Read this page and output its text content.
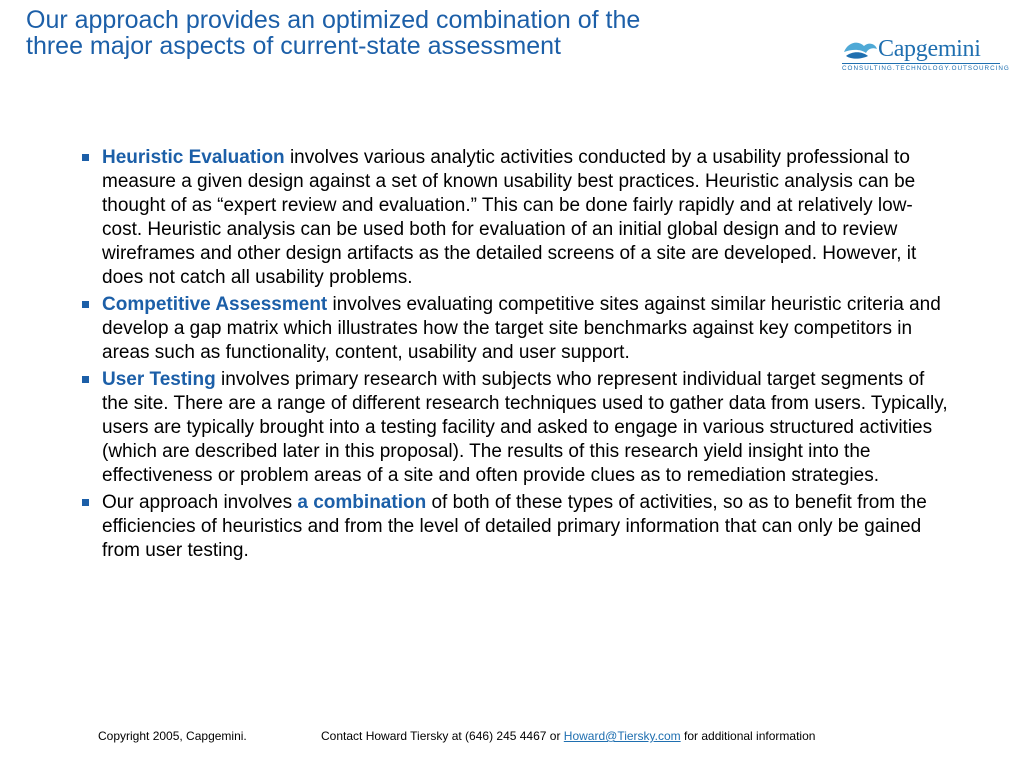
Our approach provides an optimized combination of the
three major aspects of current-state assessment	Capgemini
CONSULTING.TECHNOLOGY.OUTSOURCING
Heuristic Evaluation involves various analytic activities conducted by a usability professional to measure a given design against a set of known usability best practices. Heuristic analysis can be thought of as “expert review and evaluation.” This can be done fairly rapidly and at relatively low-cost. Heuristic analysis can be used both for evaluation of an initial global design and to review wireframes and other design artifacts as the detailed screens of a site are developed. However, it does not catch all usability problems.
Competitive Assessment involves evaluating competitive sites against similar heuristic criteria and develop a gap matrix which illustrates how the target site benchmarks against key competitors in areas such as functionality, content, usability and user support.
User Testing involves primary research with subjects who represent individual target segments of the site. There are a range of different research techniques used to gather data from users. Typically, users are typically brought into a testing facility and asked to engage in various structured activities (which are described later in this proposal). The results of this research yield insight into the effectiveness or problem areas of a site and often provide clues as to remediation strategies.
Our approach involves a combination of both of these types of activities, so as to benefit from the efficiencies of heuristics and from the level of detailed primary information that can only be gained from user testing.
Copyright 2005, Capgemini.	Contact Howard Tiersky at (646) 245 4467 or Howard@Tiersky.com for additional information
